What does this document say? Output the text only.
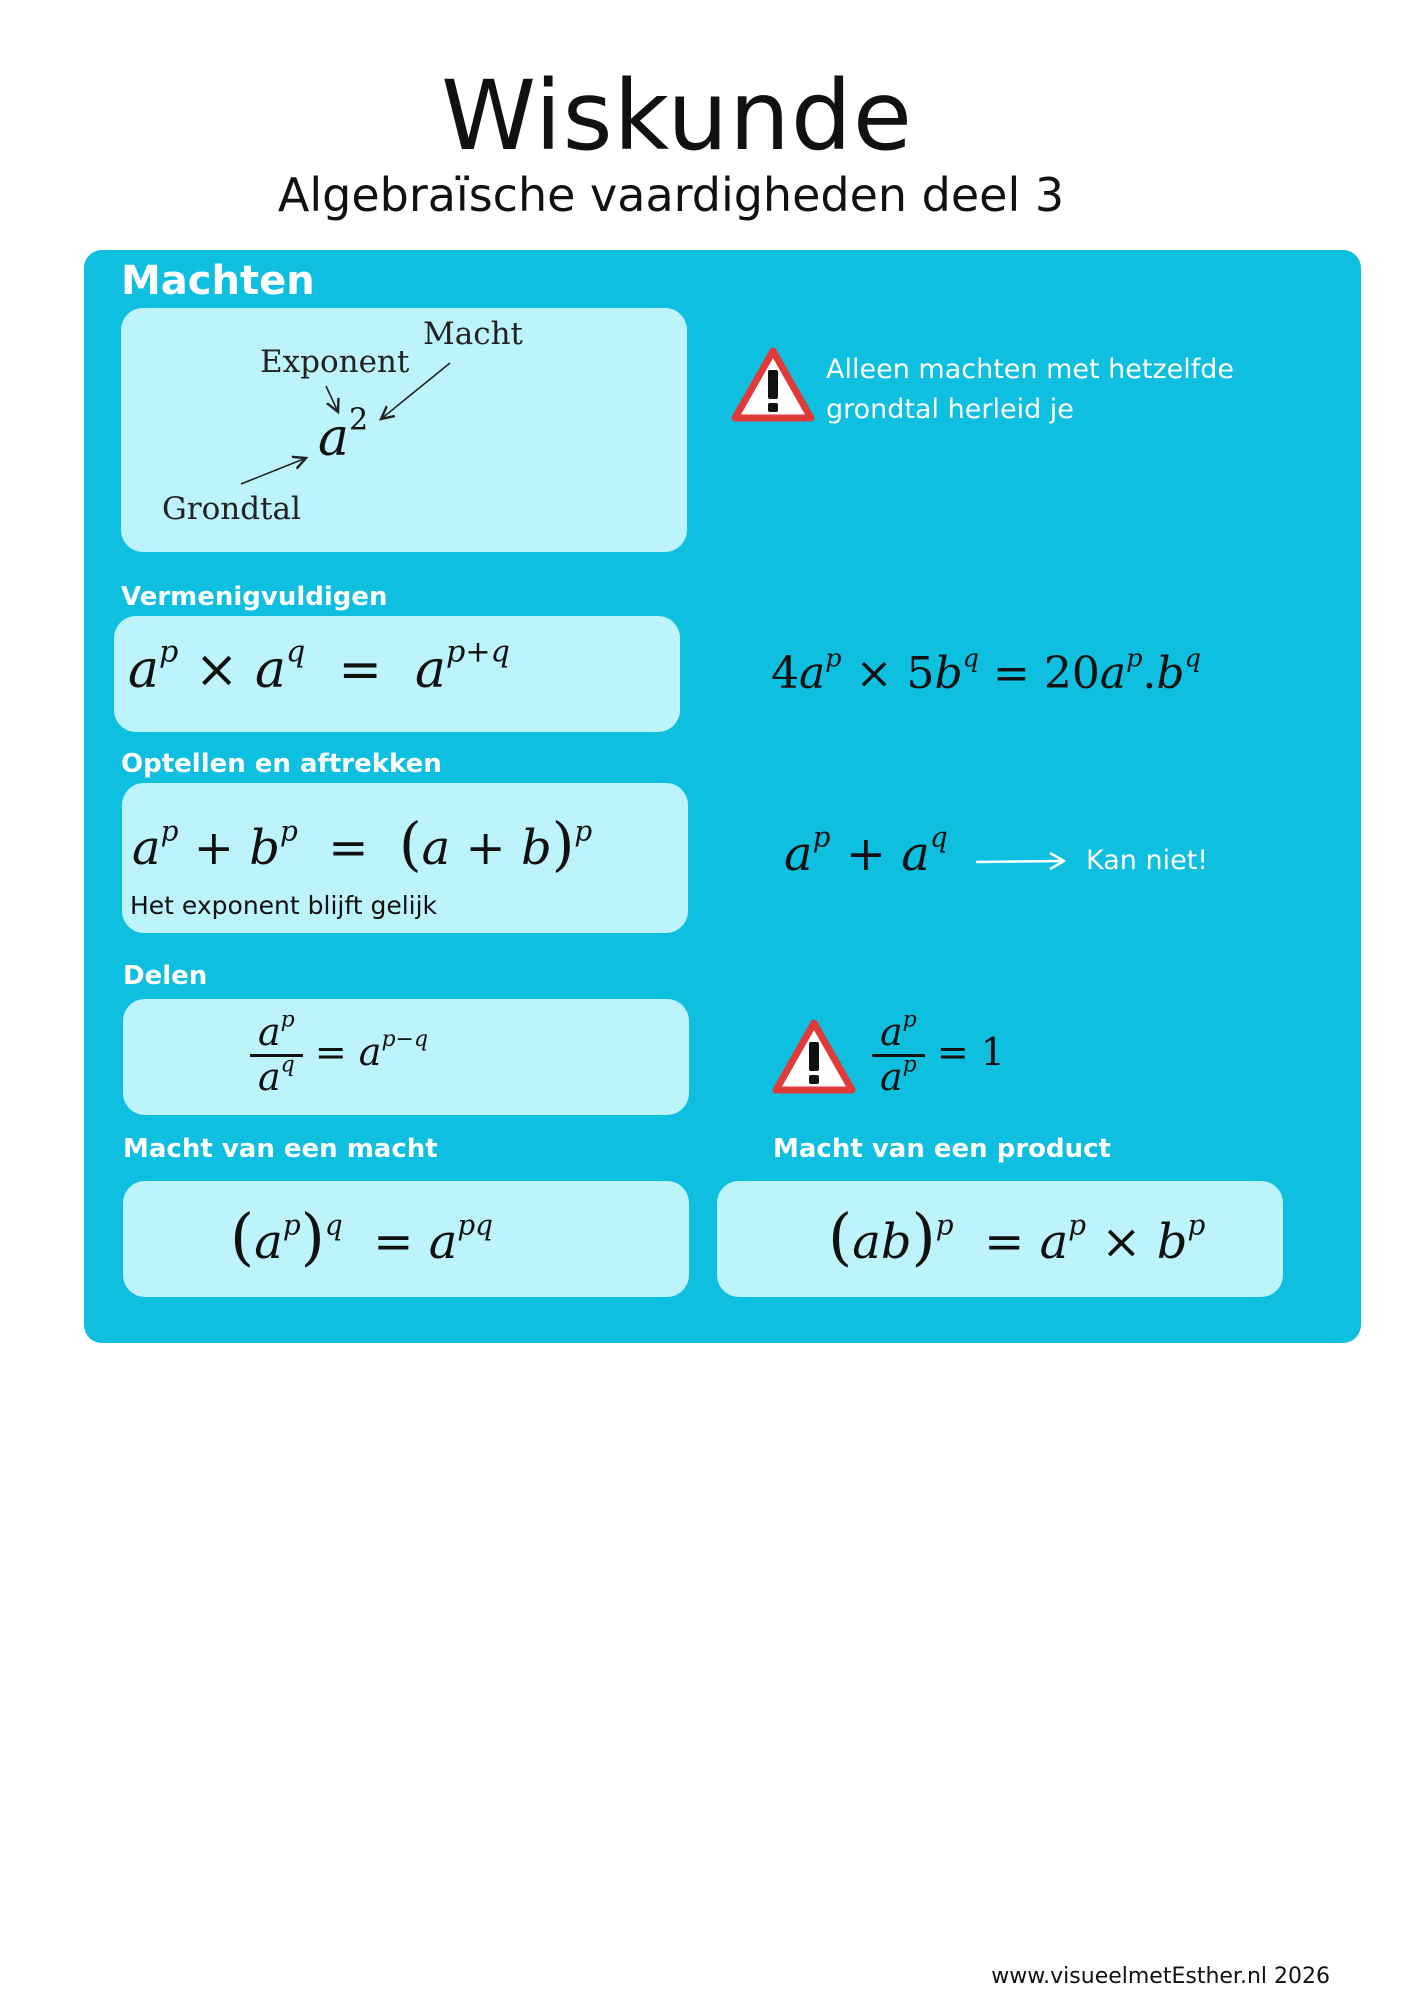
Wiskunde
Algebraïsche vaardigheden deel 3
Machten
Macht
Exponent
Grondtal
$a^2$
Alleen machten met hetzelfde
grondtal herleid je
Vermenigvuldigen
$a^p \times a^q = a^{p+q}$	$4a^p \times 5b^q = 20a^p.b^q$
Optellen en aftrekken
$a^p + b^p = (a + b)^p$
Het exponent blijft gelijk
$a^p + a^q$
Kan niet!
Delen
$\frac{a^p}{a^q} = a^{p-q}$	$\frac{a^p}{a^p} = 1$
Macht van een macht
$(a^p)^q = a^{pq}$
Macht van een product
$(ab)^p = a^p \times b^p$
www.visueelmetEsther.nl 2026
